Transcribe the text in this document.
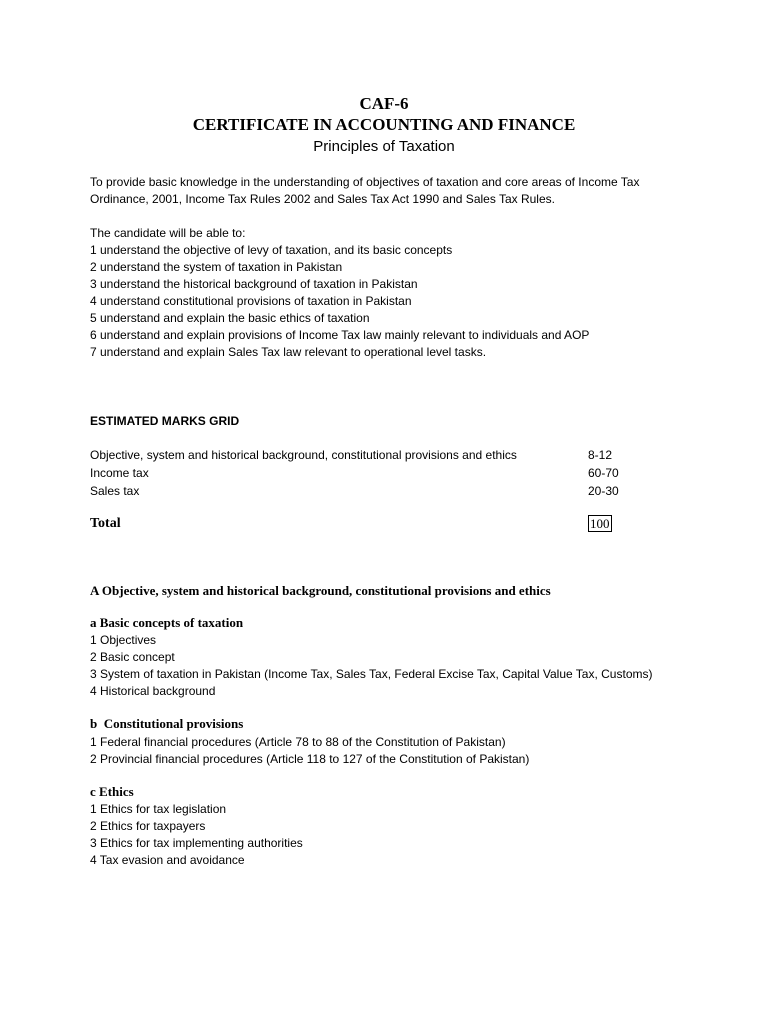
CAF-6
CERTIFICATE IN ACCOUNTING AND FINANCE
Principles of Taxation
To provide basic knowledge in the understanding of objectives of taxation and core areas of Income Tax
Ordinance, 2001, Income Tax Rules 2002 and Sales Tax Act 1990 and Sales Tax Rules.
The candidate will be able to:
1 understand the objective of levy of taxation, and its basic concepts
2 understand the system of taxation in Pakistan
3 understand the historical background of taxation in Pakistan
4 understand constitutional provisions of taxation in Pakistan
5 understand and explain the basic ethics of taxation
6 understand and explain provisions of Income Tax law mainly relevant to individuals and AOP
7 understand and explain Sales Tax law relevant to operational level tasks.
ESTIMATED MARKS GRID
Objective, system and historical background, constitutional provisions and ethics	8-12
Income tax	60-70
Sales tax	20-30
Total	100
A Objective, system and historical background, constitutional provisions and ethics
a Basic concepts of taxation
1 Objectives
2 Basic concept
3 System of taxation in Pakistan (Income Tax, Sales Tax, Federal Excise Tax, Capital Value Tax, Customs)
4 Historical background
b  Constitutional provisions
1 Federal financial procedures (Article 78 to 88 of the Constitution of Pakistan)
2 Provincial financial procedures (Article 118 to 127 of the Constitution of Pakistan)
c Ethics
1 Ethics for tax legislation
2 Ethics for taxpayers
3 Ethics for tax implementing authorities
4 Tax evasion and avoidance
